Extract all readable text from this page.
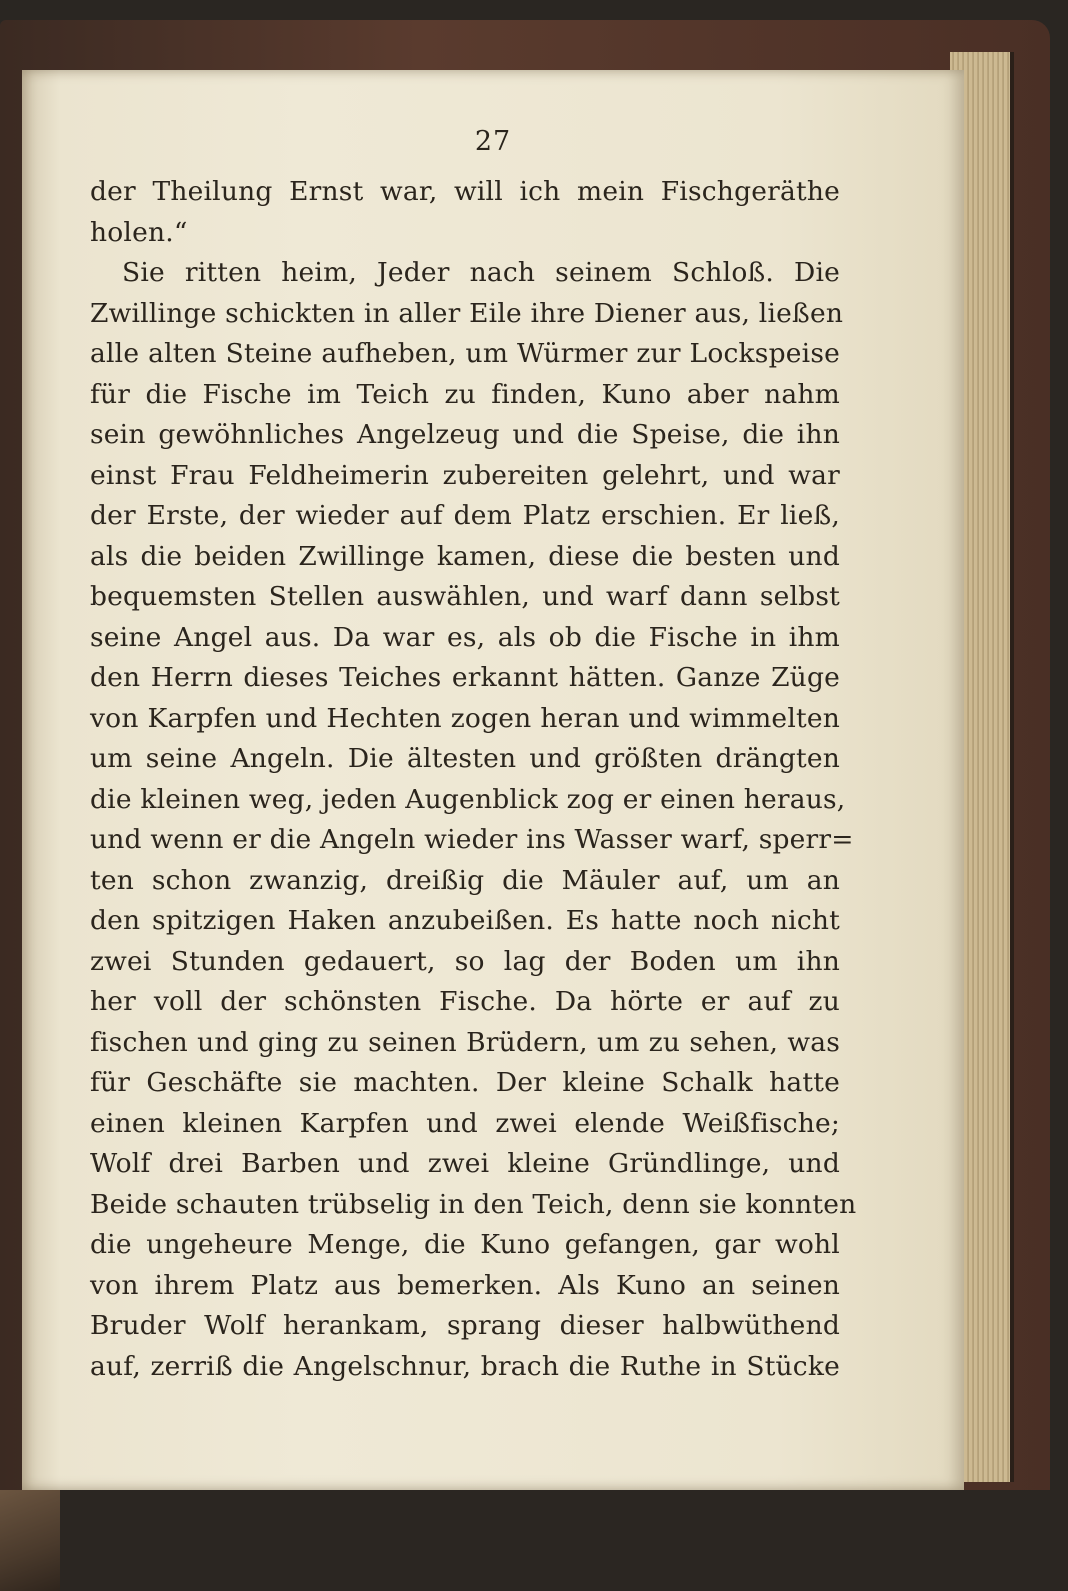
27
der Theilung Ernst war, will ich mein Fischgeräthe
holen.“
Sie ritten heim, Jeder nach seinem Schloß. Die
Zwillinge schickten in aller Eile ihre Diener aus, ließen
alle alten Steine aufheben, um Würmer zur Lockspeise
für die Fische im Teich zu finden, Kuno aber nahm
sein gewöhnliches Angelzeug und die Speise, die ihn
einst Frau Feldheimerin zubereiten gelehrt, und war
der Erste, der wieder auf dem Platz erschien. Er ließ,
als die beiden Zwillinge kamen, diese die besten und
bequemsten Stellen auswählen, und warf dann selbst
seine Angel aus. Da war es, als ob die Fische in ihm
den Herrn dieses Teiches erkannt hätten. Ganze Züge
von Karpfen und Hechten zogen heran und wimmelten
um seine Angeln. Die ältesten und größten drängten
die kleinen weg, jeden Augenblick zog er einen heraus,
und wenn er die Angeln wieder ins Wasser warf, sperr=
ten schon zwanzig, dreißig die Mäuler auf, um an
den spitzigen Haken anzubeißen. Es hatte noch nicht
zwei Stunden gedauert, so lag der Boden um ihn
her voll der schönsten Fische. Da hörte er auf zu
fischen und ging zu seinen Brüdern, um zu sehen, was
für Geschäfte sie machten. Der kleine Schalk hatte
einen kleinen Karpfen und zwei elende Weißfische;
Wolf drei Barben und zwei kleine Gründlinge, und
Beide schauten trübselig in den Teich, denn sie konnten
die ungeheure Menge, die Kuno gefangen, gar wohl
von ihrem Platz aus bemerken. Als Kuno an seinen
Bruder Wolf herankam, sprang dieser halbwüthend
auf, zerriß die Angelschnur, brach die Ruthe in Stücke
